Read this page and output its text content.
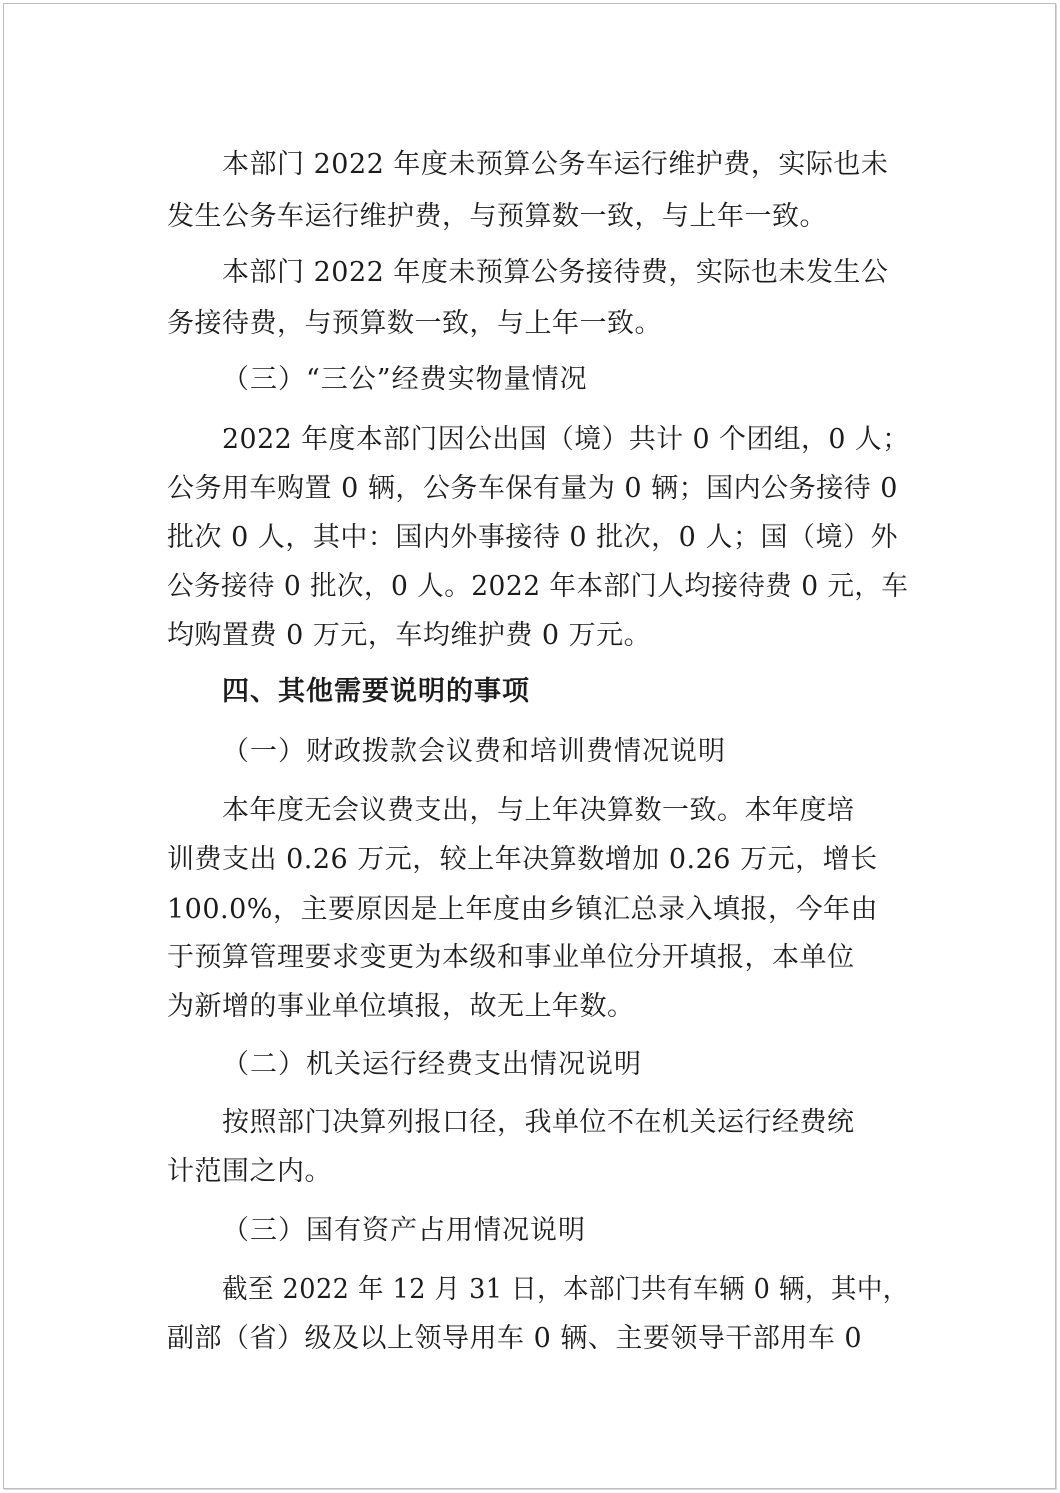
本部门 2022 年度未预算公务车运行维护费，实际也未

发生公务车运行维护费，与预算数一致，与上年一致。

本部门 2022 年度未预算公务接待费，实际也未发生公

务接待费，与预算数一致，与上年一致。

（三）“三公”经费实物量情况

2022 年度本部门因公出国（境）共计 0 个团组，0 人；

公务用车购置 0 辆，公务车保有量为 0 辆；国内公务接待 0

批次 0 人，其中：国内外事接待 0 批次，0 人；国（境）外

公务接待 0 批次，0 人。2022 年本部门人均接待费 0 元，车

均购置费 0 万元，车均维护费 0 万元。

四、其他需要说明的事项

（一）财政拨款会议费和培训费情况说明

本年度无会议费支出，与上年决算数一致。本年度培

训费支出 0.26 万元，较上年决算数增加 0.26 万元，增长

100.0%，主要原因是上年度由乡镇汇总录入填报，今年由

于预算管理要求变更为本级和事业单位分开填报，本单位

为新增的事业单位填报，故无上年数。

（二）机关运行经费支出情况说明

按照部门决算列报口径，我单位不在机关运行经费统

计范围之内。

（三）国有资产占用情况说明

截至 2022 年 12 月 31 日，本部门共有车辆 0 辆，其中，

副部（省）级及以上领导用车 0 辆、主要领导干部用车 0
